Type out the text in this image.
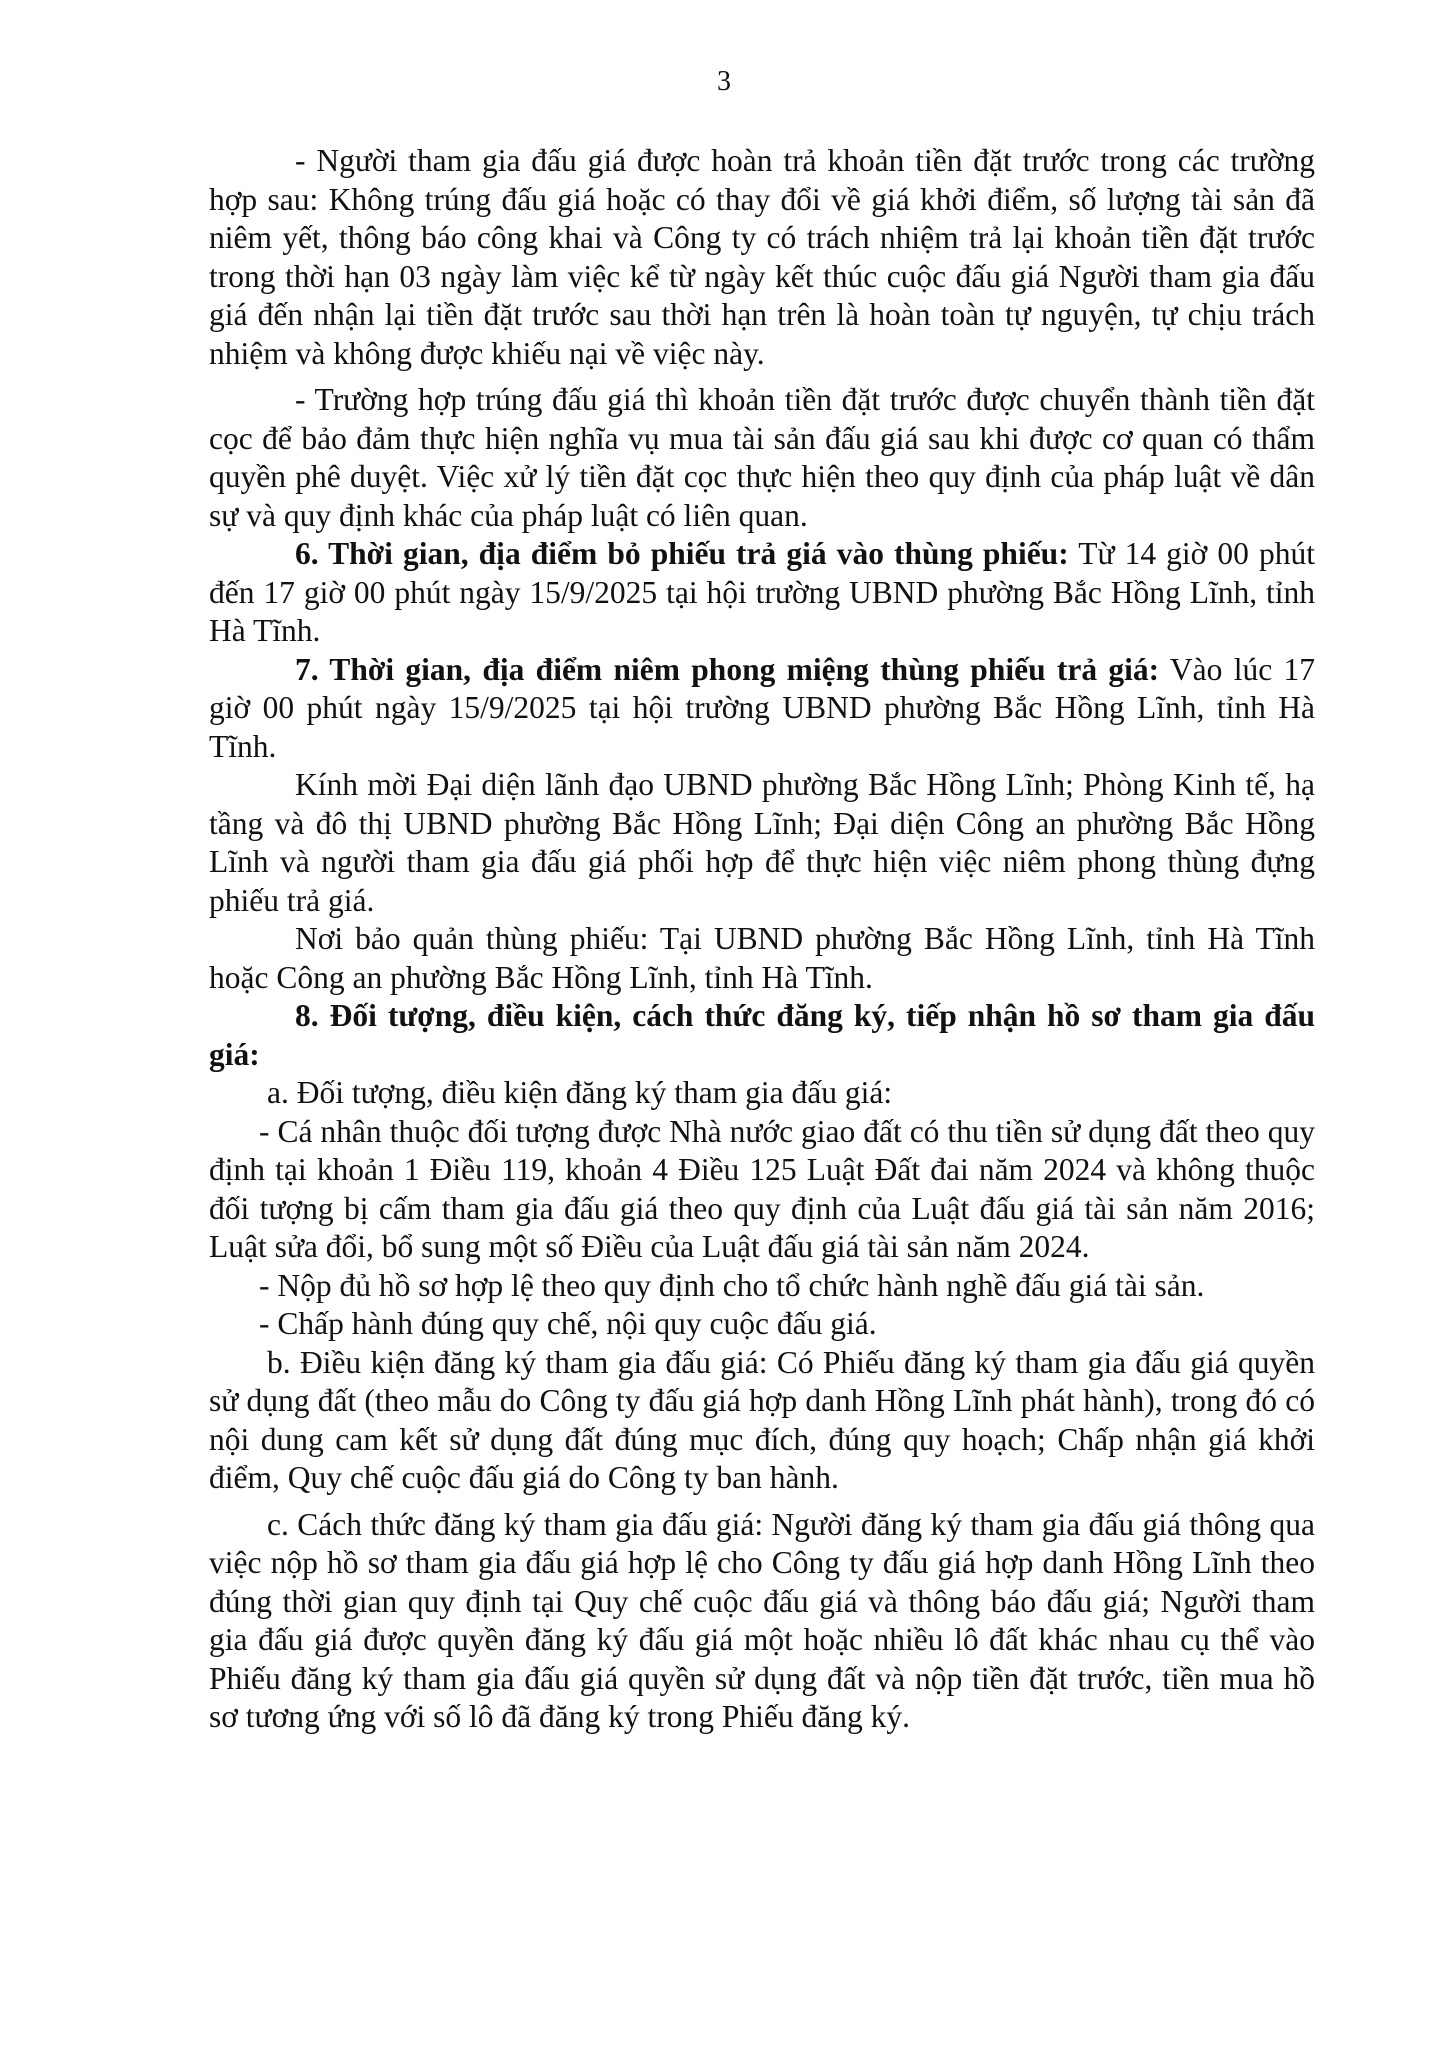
3

- Người tham gia đấu giá được hoàn trả khoản tiền đặt trước trong các trường hợp sau: Không trúng đấu giá hoặc có thay đổi về giá khởi điểm, số lượng tài sản đã niêm yết, thông báo công khai và Công ty có trách nhiệm trả lại khoản tiền đặt trước trong thời hạn 03 ngày làm việc kể từ ngày kết thúc cuộc đấu giá Người tham gia đấu giá đến nhận lại tiền đặt trước sau thời hạn trên là hoàn toàn tự nguyện, tự chịu trách nhiệm và không được khiếu nại về việc này.

- Trường hợp trúng đấu giá thì khoản tiền đặt trước được chuyển thành tiền đặt cọc để bảo đảm thực hiện nghĩa vụ mua tài sản đấu giá sau khi được cơ quan có thẩm quyền phê duyệt. Việc xử lý tiền đặt cọc thực hiện theo quy định của pháp luật về dân sự và quy định khác của pháp luật có liên quan.

6. Thời gian, địa điểm bỏ phiếu trả giá vào thùng phiếu: Từ 14 giờ 00 phút đến 17 giờ 00 phút ngày 15/9/2025 tại hội trường UBND phường Bắc Hồng Lĩnh, tỉnh Hà Tĩnh.

7. Thời gian, địa điểm niêm phong miệng thùng phiếu trả giá: Vào lúc 17 giờ 00 phút ngày 15/9/2025 tại hội trường UBND phường Bắc Hồng Lĩnh, tỉnh Hà Tĩnh.

Kính mời Đại diện lãnh đạo UBND phường Bắc Hồng Lĩnh; Phòng Kinh tế, hạ tầng và đô thị UBND phường Bắc Hồng Lĩnh; Đại diện Công an phường Bắc Hồng Lĩnh và người tham gia đấu giá phối hợp để thực hiện việc niêm phong thùng đựng phiếu trả giá.

Nơi bảo quản thùng phiếu: Tại UBND phường Bắc Hồng Lĩnh, tỉnh Hà Tĩnh hoặc Công an phường Bắc Hồng Lĩnh, tỉnh Hà Tĩnh.

8. Đối tượng, điều kiện, cách thức đăng ký, tiếp nhận hồ sơ tham gia đấu giá:

a. Đối tượng, điều kiện đăng ký tham gia đấu giá:

- Cá nhân thuộc đối tượng được Nhà nước giao đất có thu tiền sử dụng đất theo quy định tại khoản 1 Điều 119, khoản 4 Điều 125 Luật Đất đai năm 2024 và không thuộc đối tượng bị cấm tham gia đấu giá theo quy định của Luật đấu giá tài sản năm 2016; Luật sửa đổi, bổ sung một số Điều của Luật đấu giá tài sản năm 2024.

- Nộp đủ hồ sơ hợp lệ theo quy định cho tổ chức hành nghề đấu giá tài sản.

- Chấp hành đúng quy chế, nội quy cuộc đấu giá.

b. Điều kiện đăng ký tham gia đấu giá: Có Phiếu đăng ký tham gia đấu giá quyền sử dụng đất (theo mẫu do Công ty đấu giá hợp danh Hồng Lĩnh phát hành), trong đó có nội dung cam kết sử dụng đất đúng mục đích, đúng quy hoạch; Chấp nhận giá khởi điểm, Quy chế cuộc đấu giá do Công ty ban hành.

c. Cách thức đăng ký tham gia đấu giá: Người đăng ký tham gia đấu giá thông qua việc nộp hồ sơ tham gia đấu giá hợp lệ cho Công ty đấu giá hợp danh Hồng Lĩnh theo đúng thời gian quy định tại Quy chế cuộc đấu giá và thông báo đấu giá; Người tham gia đấu giá được quyền đăng ký đấu giá một hoặc nhiều lô đất khác nhau cụ thể vào Phiếu đăng ký tham gia đấu giá quyền sử dụng đất và nộp tiền đặt trước, tiền mua hồ sơ tương ứng với số lô đã đăng ký trong Phiếu đăng ký.
